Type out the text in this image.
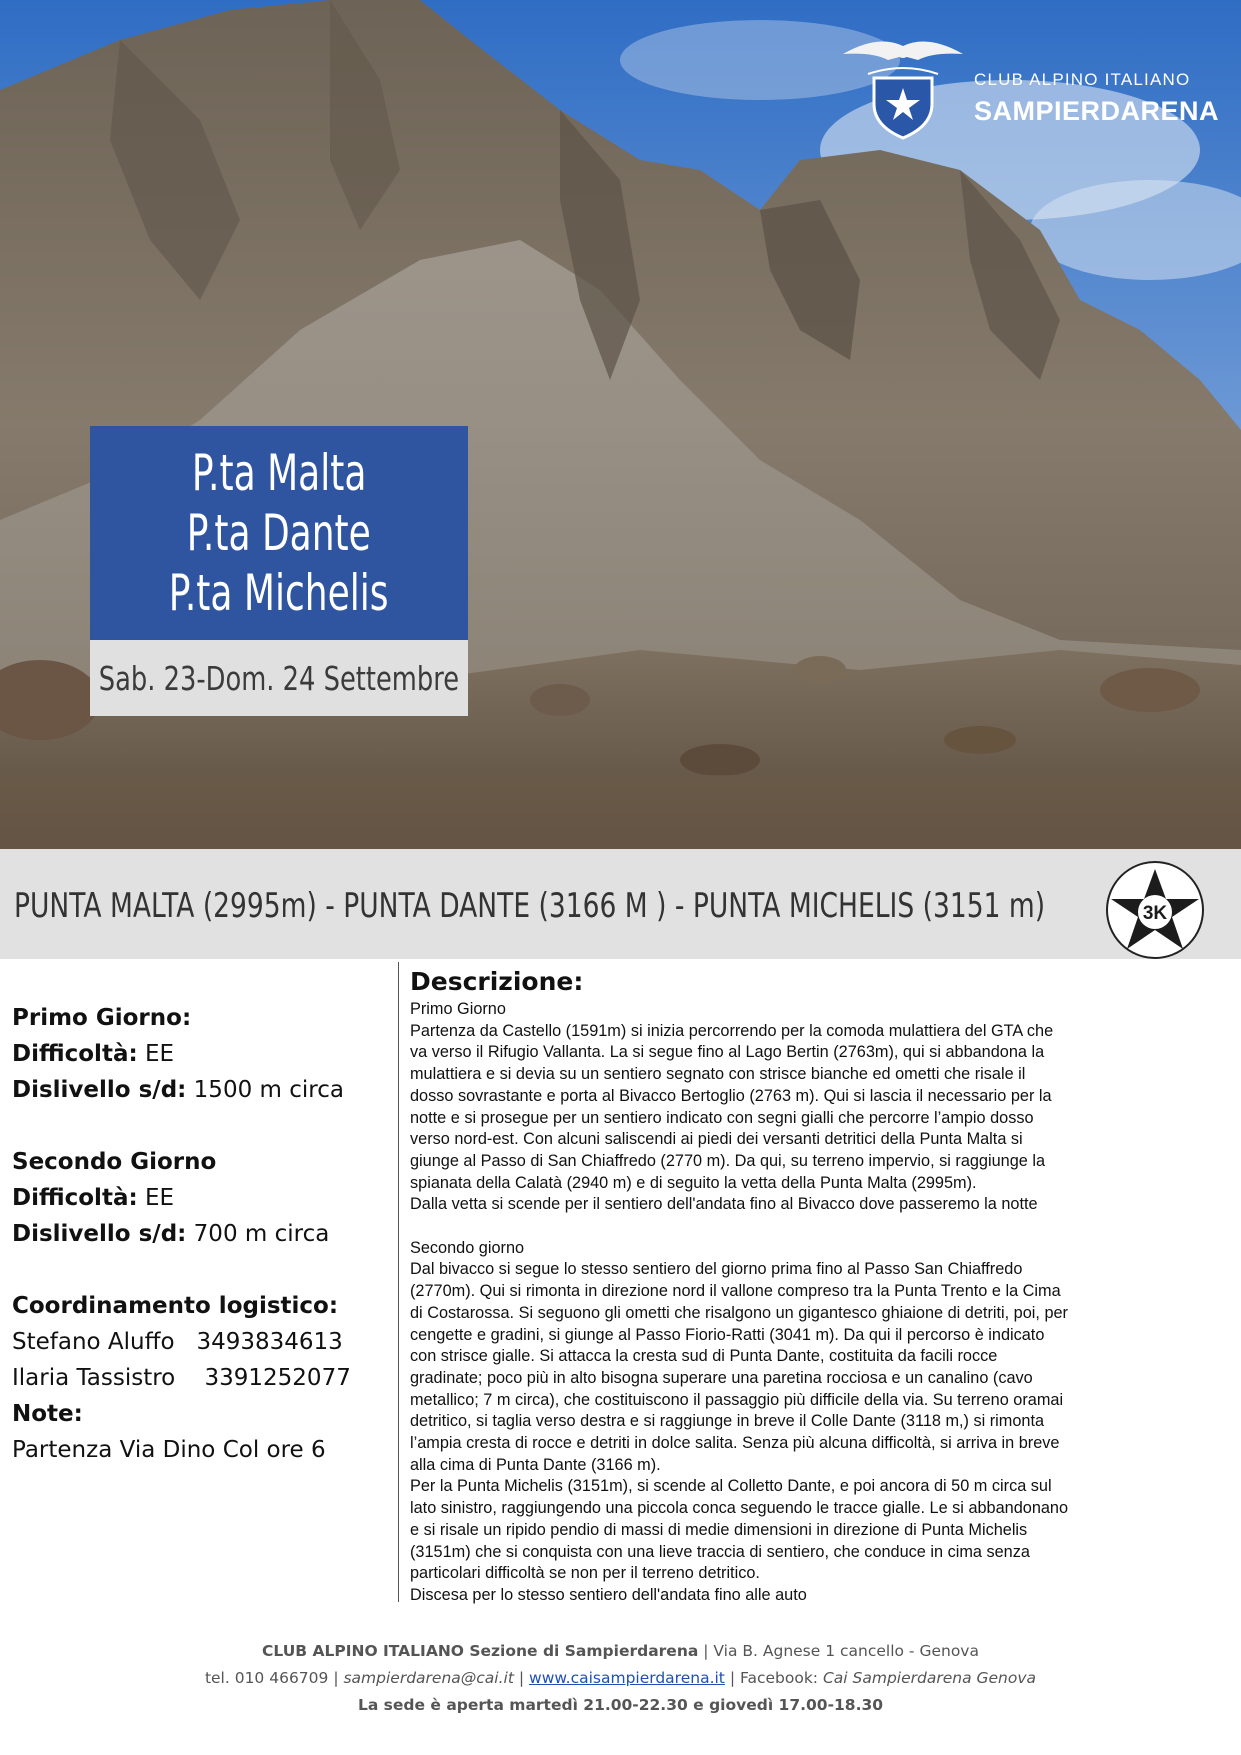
CLUB ALPINO ITALIANO
SAMPIERDARENA
P.ta Malta
P.ta Dante
P.ta Michelis
Sab. 23-Dom. 24 Settembre
PUNTA MALTA (2995m) - PUNTA DANTE (3166 M ) - PUNTA MICHELIS (3151 m)	3K
Primo Giorno:
Difficoltà: EE
Dislivello s/d: 1500 m circa
Secondo Giorno
Difficoltà: EE
Dislivello s/d: 700 m circa
Coordinamento logistico:
Stefano Aluffo 3493834613
Ilaria Tassistro 3391252077
Note:
Partenza Via Dino Col ore 6
Descrizione:

Primo Giorno

Partenza da Castello (1591m) si inizia percorrendo per la comoda mulattiera del GTA che

va verso il Rifugio Vallanta. La si segue fino al Lago Bertin (2763m), qui si abbandona la

mulattiera e si devia su un sentiero segnato con strisce bianche ed ometti che risale il

dosso sovrastante e porta al Bivacco Bertoglio (2763 m). Qui si lascia il necessario per la

notte e si prosegue per un sentiero indicato con segni gialli che percorre l’ampio dosso

verso nord-est. Con alcuni saliscendi ai piedi dei versanti detritici della Punta Malta si

giunge al Passo di San Chiaffredo (2770 m). Da qui, su terreno impervio, si raggiunge la

spianata della Calatà (2940 m) e di seguito la vetta della Punta Malta (2995m).

Dalla vetta si scende per il sentiero dell'andata fino al Bivacco dove passeremo la notte

Secondo giorno

Dal bivacco si segue lo stesso sentiero del giorno prima fino al Passo San Chiaffredo

(2770m). Qui si rimonta in direzione nord il vallone compreso tra la Punta Trento e la Cima

di Costarossa. Si seguono gli ometti che risalgono un gigantesco ghiaione di detriti, poi, per

cengette e gradini, si giunge al Passo Fiorio-Ratti (3041 m). Da qui il percorso è indicato

con strisce gialle. Si attacca la cresta sud di Punta Dante, costituita da facili rocce

gradinate; poco più in alto bisogna superare una paretina rocciosa e un canalino (cavo

metallico; 7 m circa), che costituiscono il passaggio più difficile della via. Su terreno oramai

detritico, si taglia verso destra e si raggiunge in breve il Colle Dante (3118 m,) si rimonta

l’ampia cresta di rocce e detriti in dolce salita. Senza più alcuna difficoltà, si arriva in breve

alla cima di Punta Dante (3166 m).

Per la Punta Michelis (3151m), si scende al Colletto Dante, e poi ancora di 50 m circa sul

lato sinistro, raggiungendo una piccola conca seguendo le tracce gialle. Le si abbandonano

e si risale un ripido pendio di massi di medie dimensioni in direzione di Punta Michelis

(3151m) che si conquista con una lieve traccia di sentiero, che conduce in cima senza

particolari difficoltà se non per il terreno detritico.

Discesa per lo stesso sentiero dell'andata fino alle auto

CLUB ALPINO ITALIANO Sezione di Sampierdarena | Via B. Agnese 1 cancello - Genova
tel. 010 466709 | sampierdarena@cai.it | www.caisampierdarena.it | Facebook: Cai Sampierdarena Genova
La sede è aperta martedì 21.00-22.30 e giovedì 17.00-18.30
